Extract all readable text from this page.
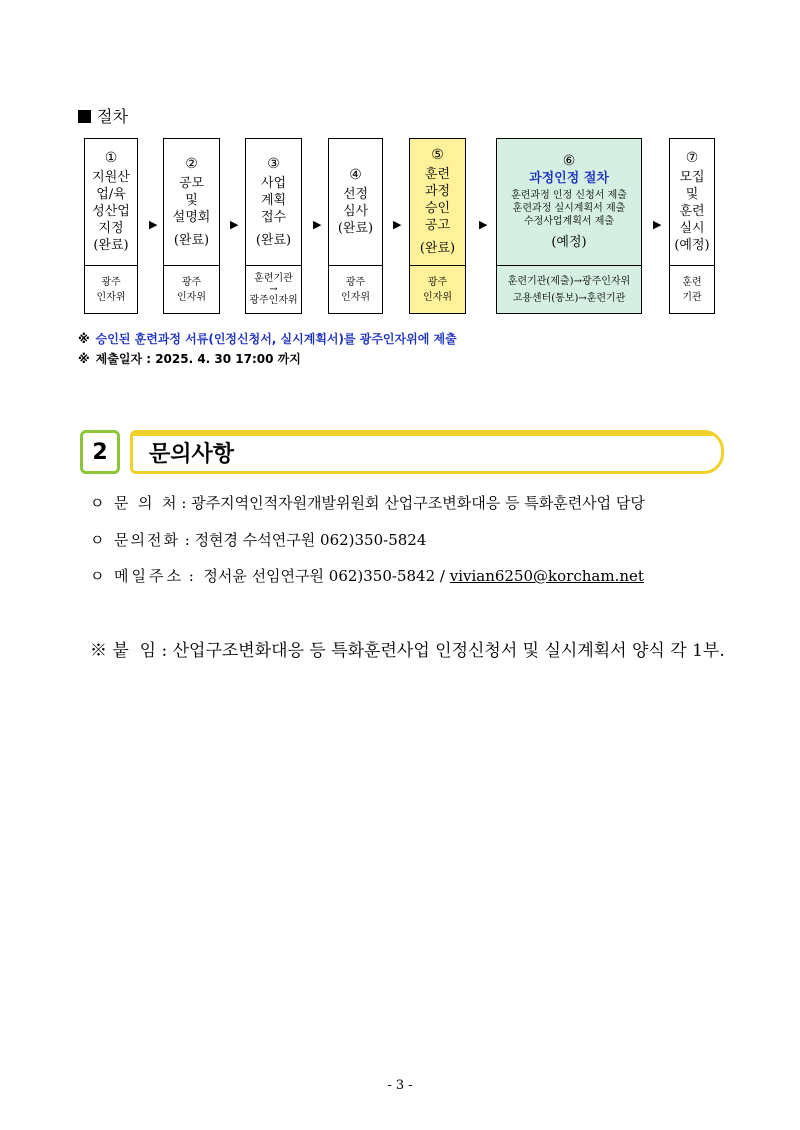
절차
①
지원산
업/육
성산업
지정
(완료)
광주
인자위
▶
②
공모
및
설명회
(완료)
광주
인자위
▶
③
사업
계획
접수
(완료)
훈련기관
→
광주인자위
▶
④
선정
심사
(완료)
광주
인자위
▶
⑤
훈련
과정
승인
공고
(완료)
광주
인자위
▶
⑥
과정인정 절차
훈련과정 인정 신청서 제출
훈련과정 실시계획서 제출
수정사업계획서 제출
(예정)
훈련기관(제출)→광주인자위
고용센터(통보)→훈련기관
▶
⑦
모집
및
훈련
실시
(예정)
훈련
기관
※ 승인된 훈련과정 서류(인정신청서, 실시계획서)를 광주인자위에 제출
※ 제출일자 : 2025. 4. 30 17:00 까지
2	문의사항
ㅇ 문  의  처 : 광주지역인적자원개발위원회 산업구조변화대응 등 특화훈련사업 담당
ㅇ 문의전화 : 정현경 수석연구원 062)350-5824
ㅇ 메일주소 :  정서윤 선임연구원 062)350-5842 / vivian6250@korcham.net
※ 붙  임 : 산업구조변화대응 등 특화훈련사업 인정신청서 및 실시계획서 양식 각 1부.
- 3 -
